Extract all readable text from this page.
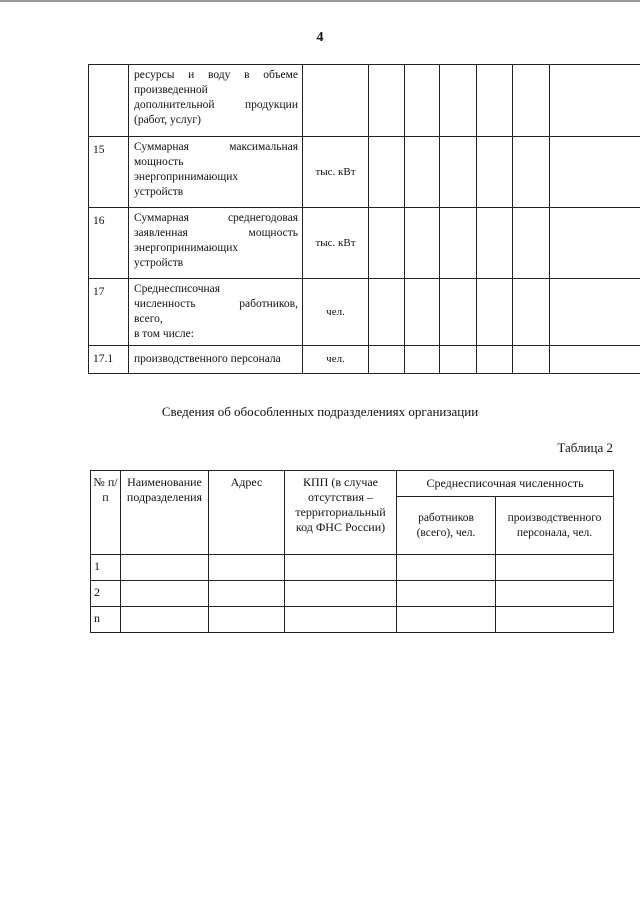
4

	ресурсы и воду в объеме
произведенной
дополнительной продукции
(работ, услуг)							

15	Суммарная максимальная
мощность
энергопринимающих
устройств	тыс. кВт						
16	Суммарная среднегодовая
заявленная мощность
энергопринимающих
устройств	тыс. кВт						
17	Среднесписочная
численность работников,
всего,
в том числе:	чел.						
17.1	производственного персонала	чел.						
Сведения об обособленных подразделениях организации
Таблица 2
№ п/п	Наименование подразделения	Адрес	КПП (в случае отсутствия – территориальный код ФНС России)	Среднесписочная численность	
				работников (всего), чел.	производственного персонала, чел.
1					
2					
n					
